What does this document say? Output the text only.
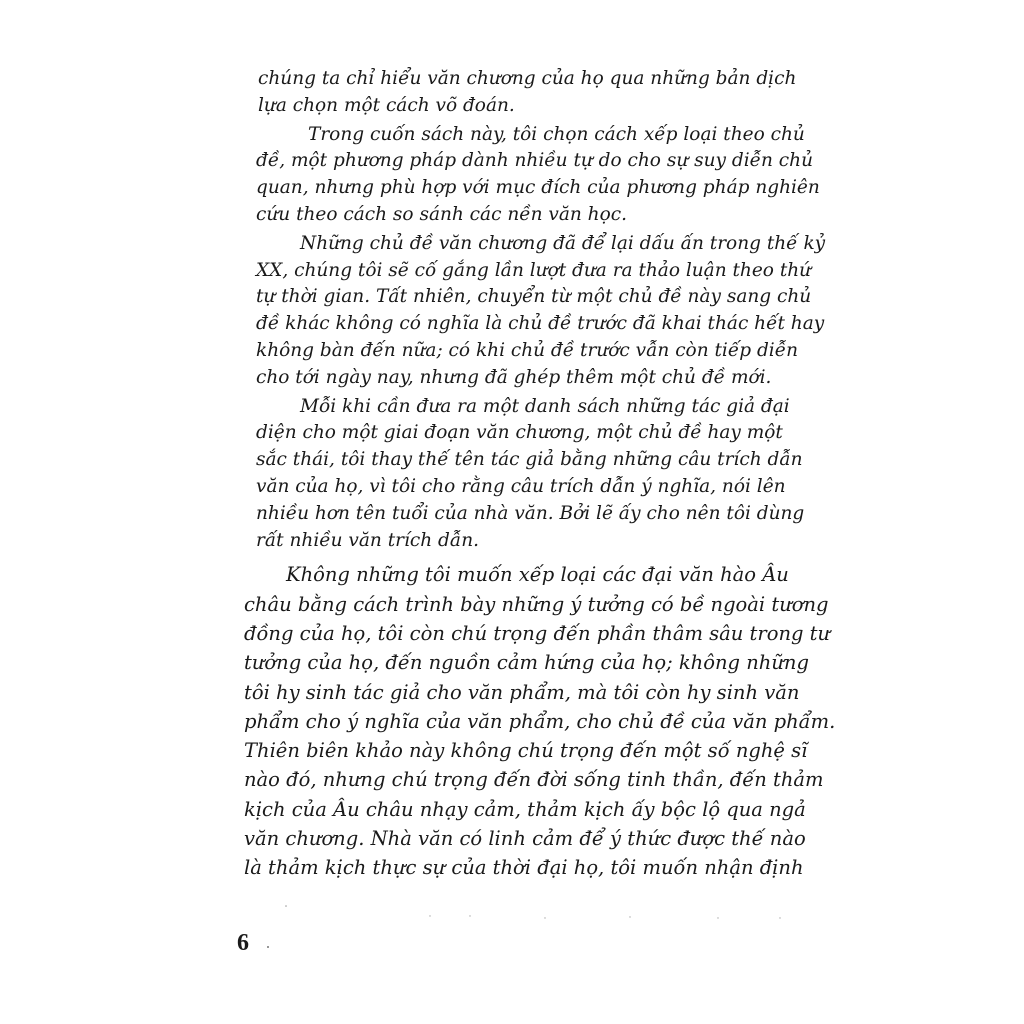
chúng ta chỉ hiểu văn chương của họ qua những bản dịch
lựa chọn một cách võ đoán.

Trong cuốn sách này, tôi chọn cách xếp loại theo chủ
đề, một phương pháp dành nhiều tự do cho sự suy diễn chủ
quan, nhưng phù hợp với mục đích của phương pháp nghiên
cứu theo cách so sánh các nền văn học.

Những chủ đề văn chương đã để lại dấu ấn trong thế kỷ
XX, chúng tôi sẽ cố gắng lần lượt đưa ra thảo luận theo thứ
tự thời gian. Tất nhiên, chuyển từ một chủ đề này sang chủ
đề khác không có nghĩa là chủ đề trước đã khai thác hết hay
không bàn đến nữa; có khi chủ đề trước vẫn còn tiếp diễn
cho tới ngày nay, nhưng đã ghép thêm một chủ đề mới.

Mỗi khi cần đưa ra một danh sách những tác giả đại
diện cho một giai đoạn văn chương, một chủ đề hay một
sắc thái, tôi thay thế tên tác giả bằng những câu trích dẫn
văn của họ, vì tôi cho rằng câu trích dẫn ý nghĩa, nói lên
nhiều hơn tên tuổi của nhà văn. Bởi lẽ ấy cho nên tôi dùng
rất nhiều văn trích dẫn.

Không những tôi muốn xếp loại các đại văn hào Âu
châu bằng cách trình bày những ý tưởng có bề ngoài tương
đồng của họ, tôi còn chú trọng đến phần thâm sâu trong tư
tưởng của họ, đến nguồn cảm hứng của họ; không những
tôi hy sinh tác giả cho văn phẩm, mà tôi còn hy sinh văn
phẩm cho ý nghĩa của văn phẩm, cho chủ đề của văn phẩm.
Thiên biên khảo này không chú trọng đến một số nghệ sĩ
nào đó, nhưng chú trọng đến đời sống tinh thần, đến thảm
kịch của Âu châu nhạy cảm, thảm kịch ấy bộc lộ qua ngả
văn chương. Nhà văn có linh cảm để ý thức được thế nào
là thảm kịch thực sự của thời đại họ, tôi muốn nhận định

6
